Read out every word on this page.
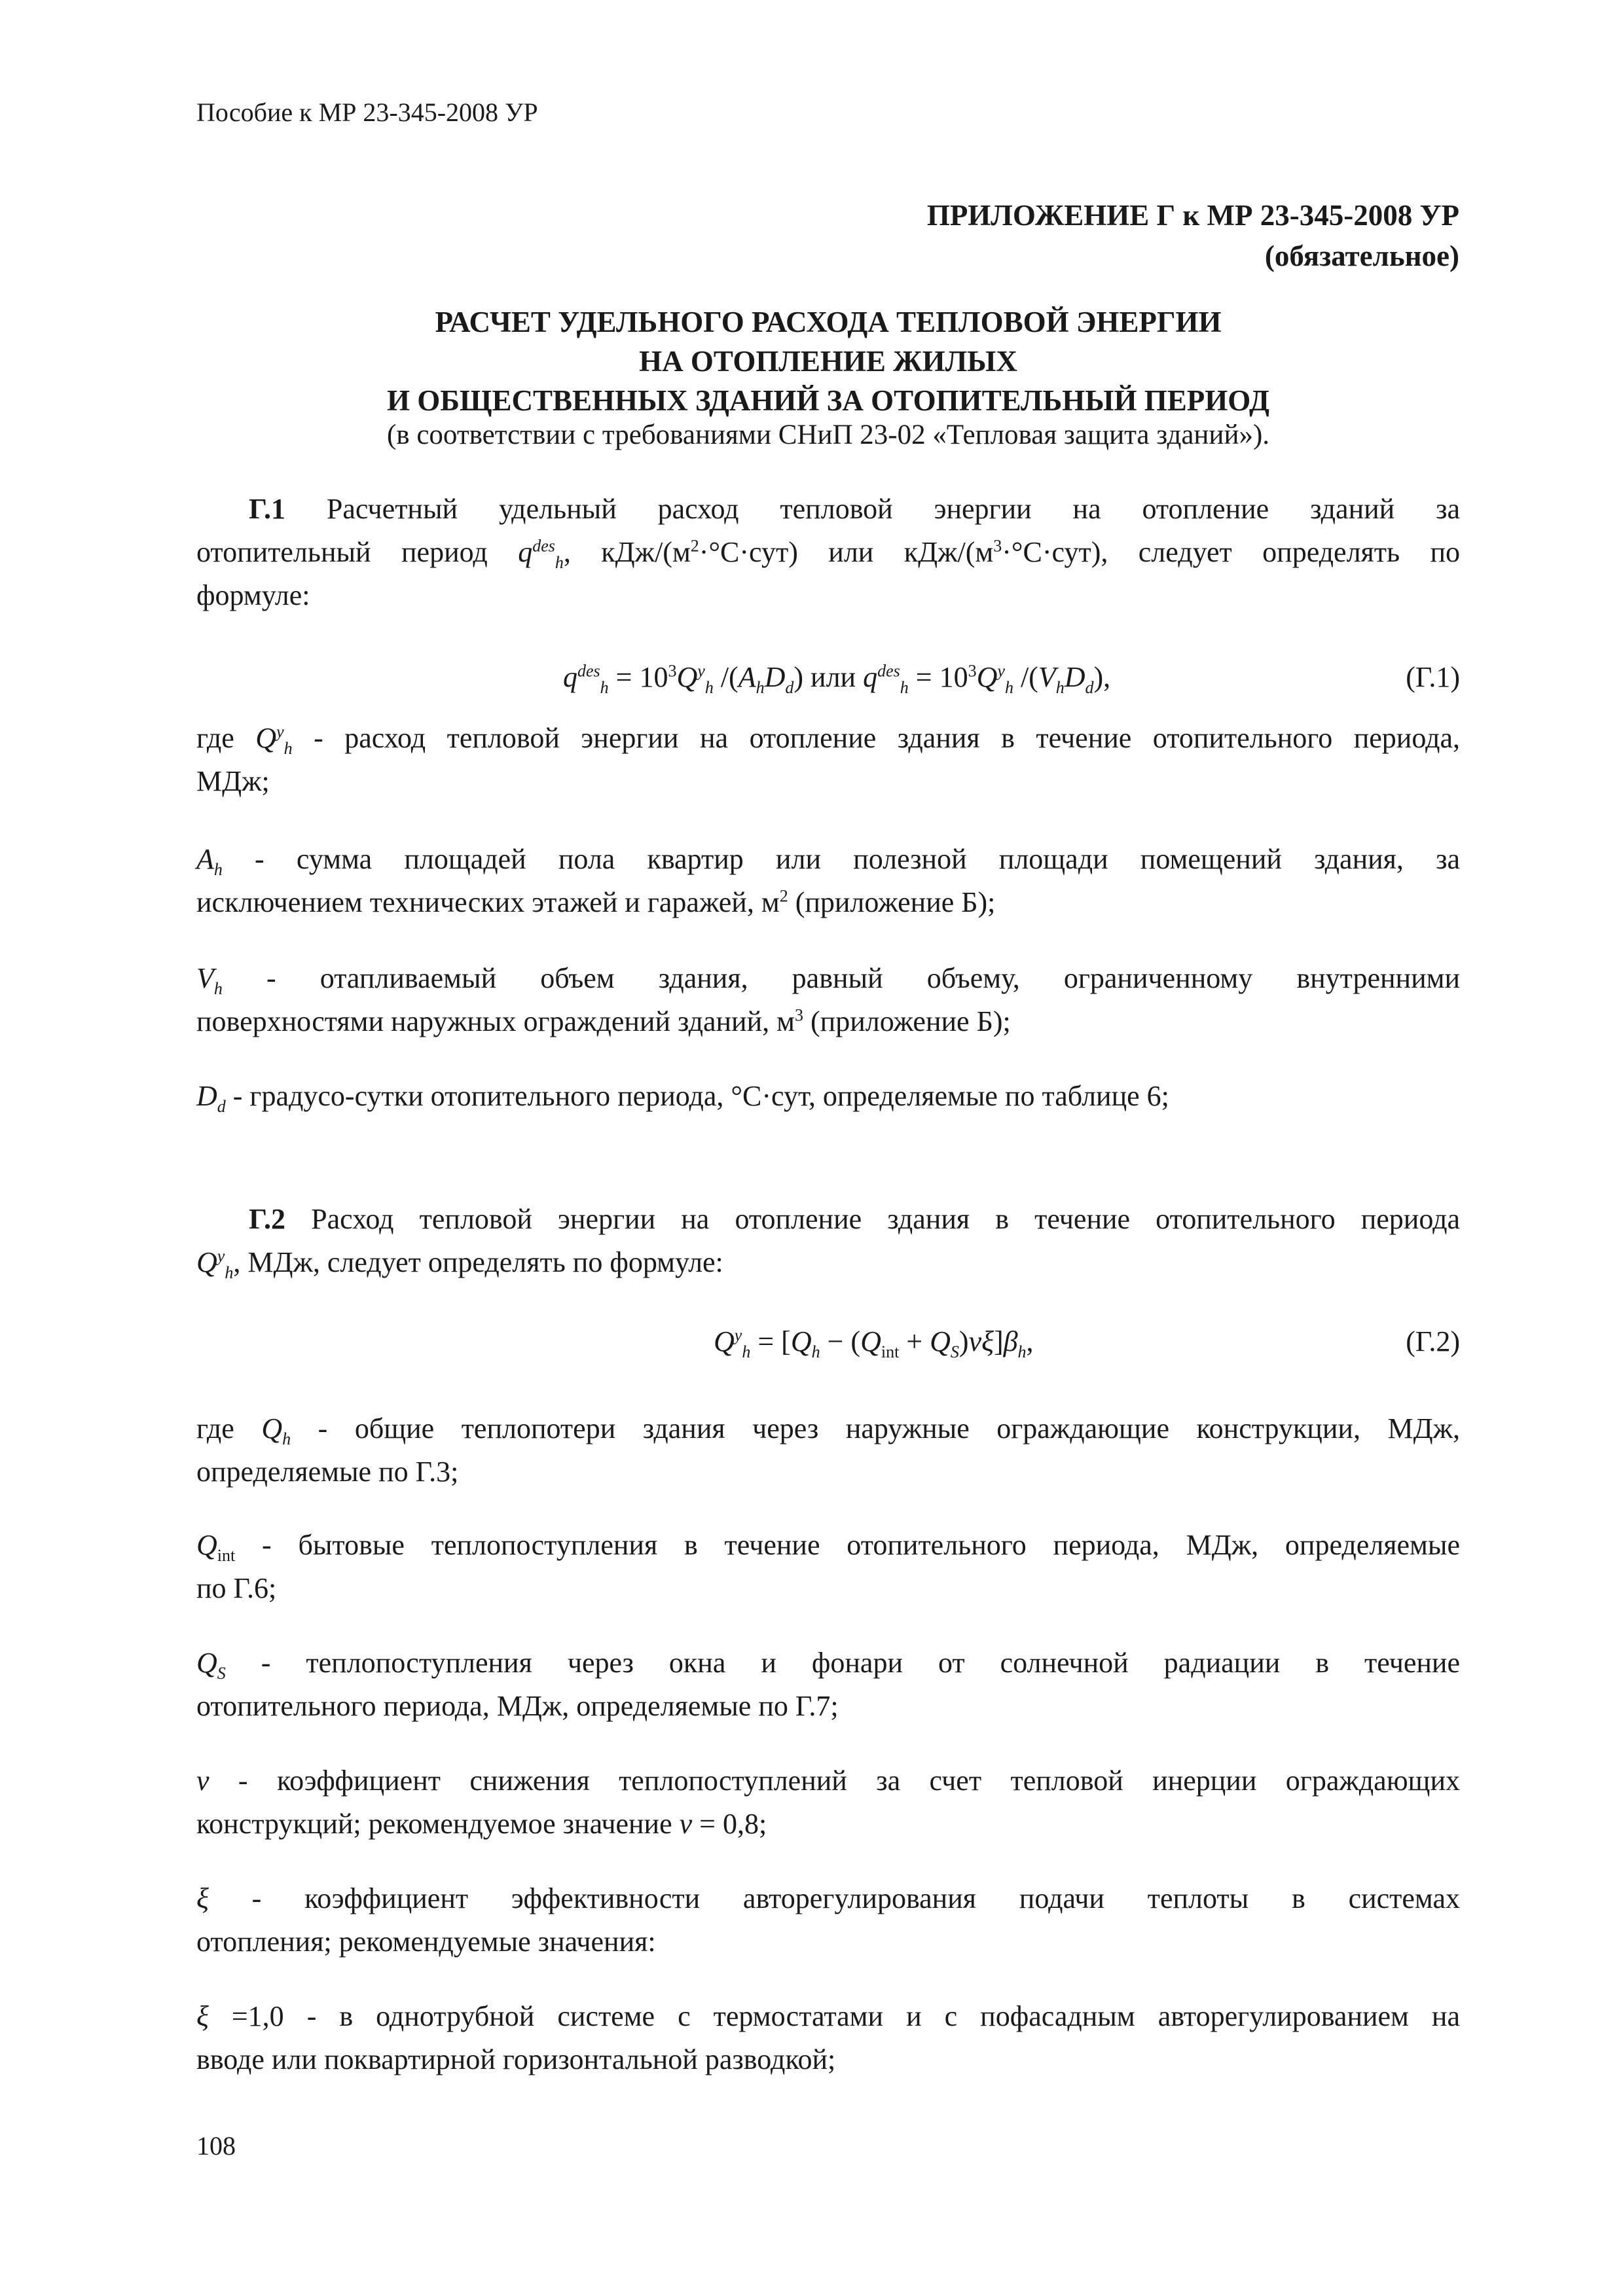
Пособие к МР 23-345-2008 УР
ПРИЛОЖЕНИЕ Г к МР 23-345-2008 УР
(обязательное)
РАСЧЕТ УДЕЛЬНОГО РАСХОДА ТЕПЛОВОЙ ЭНЕРГИИ
НА ОТОПЛЕНИЕ ЖИЛЫХ
И ОБЩЕСТВЕННЫХ ЗДАНИЙ ЗА ОТОПИТЕЛЬНЫЙ ПЕРИОД
(в соответствии с требованиями СНиП 23-02 «Тепловая защита зданий»).
Г.1 Расчетный удельный расход тепловой энергии на отопление зданий за
отопительный период $q^{des}_h$, кДж/$(м^2\cdot^\circ С\cdot сут)$ или кДж/$(м^3\cdot^\circ С\cdot сут)$, следует определять по
формуле:
$q^{des}_h = 10^3Q^y_h$ $/(A_hD_d)$ или $q^{des}_h = 10^3Q^y_h$ $/(V_hD_d)$,	(Г.1)
где $Q^y_h$ - расход тепловой энергии на отопление здания в течение отопительного периода,
МДж;
$A_h$ - сумма площадей пола квартир или полезной площади помещений здания, за
исключением технических этажей и гаражей, $м^2$ (приложение Б);
$V_h$ - отапливаемый объем здания, равный объему, ограниченному внутренними
поверхностями наружных ограждений зданий, $м^3$ (приложение Б);
$D_d$ - градусо-сутки отопительного периода, °С·сут, определяемые по таблице 6;
Г.2 Расход тепловой энергии на отопление здания в течение отопительного периода
$Q^y_h$, МДж, следует определять по формуле:
$Q^y_h = [Q_h - (Q_{int} + Q_S)\nu\xi]\beta_h$,	(Г.2)
где $Q_h$ - общие теплопотери здания через наружные ограждающие конструкции, МДж,
определяемые по Г.3;
$Q_{int}$ - бытовые теплопоступления в течение отопительного периода, МДж, определяемые
по Г.6;
$Q_S$ - теплопоступления через окна и фонари от солнечной радиации в течение
отопительного периода, МДж, определяемые по Г.7;
ν - коэффициент снижения теплопоступлений за счет тепловой инерции ограждающих
конструкций; рекомендуемое значение ν = 0,8;
ξ - коэффициент эффективности авторегулирования подачи теплоты в системах
отопления; рекомендуемые значения:
ξ =1,0 - в однотрубной системе с термостатами и с пофасадным авторегулированием на
вводе или поквартирной горизонтальной разводкой;
108
